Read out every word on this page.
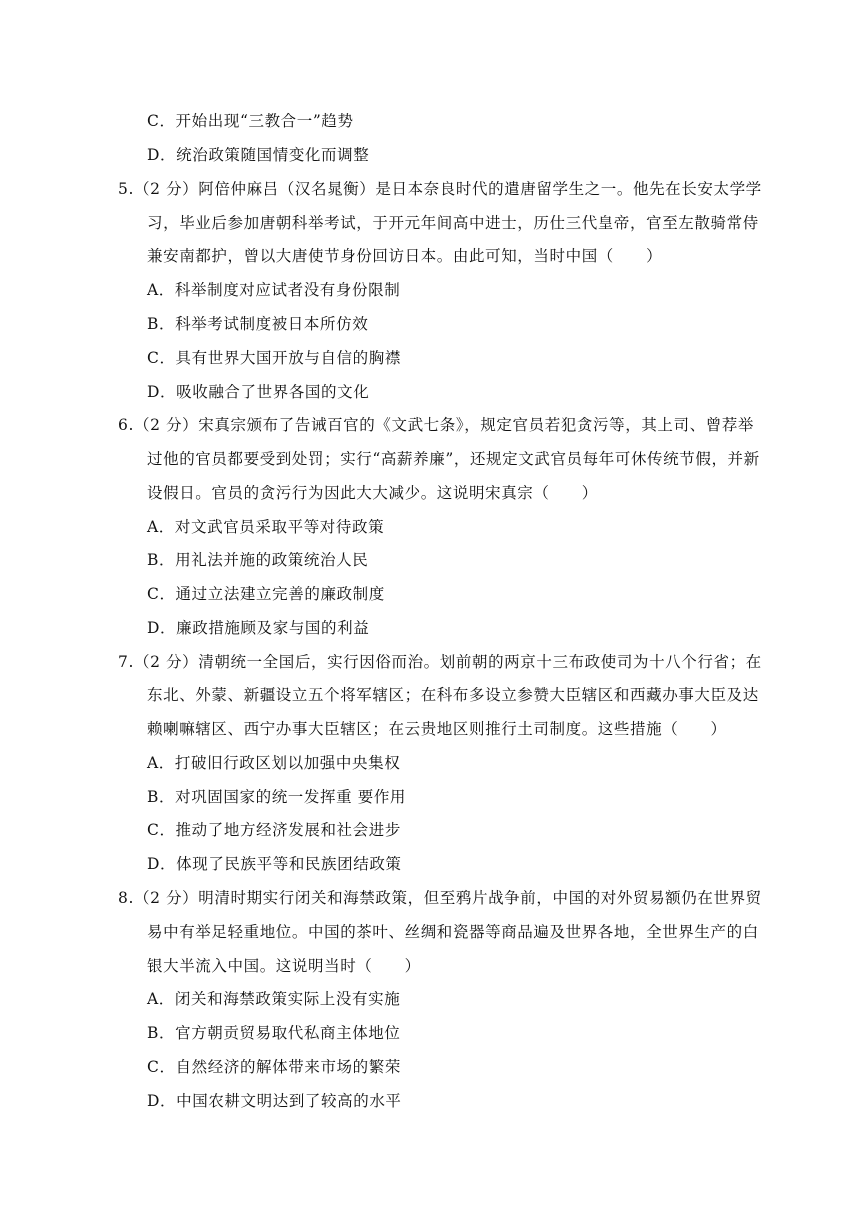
C．开始出现“三教合一”趋势
D．统治政策随国情变化而调整
5.（2 分）阿倍仲麻吕（汉名晁衡）是日本奈良时代的遣唐留学生之一。他先在长安太学学
习，毕业后参加唐朝科举考试，于开元年间高中进士，历仕三代皇帝，官至左散骑常侍
兼安南都护，曾以大唐使节身份回访日本。由此可知，当时中国（　　）
A．科举制度对应试者没有身份限制
B．科举考试制度被日本所仿效
C．具有世界大国开放与自信的胸襟
D．吸收融合了世界各国的文化
6.（2 分）宋真宗颁布了告诫百官的《文武七条》，规定官员若犯贪污等，其上司、曾荐举
过他的官员都要受到处罚；实行“高薪养廉”，还规定文武官员每年可休传统节假，并新
设假日。官员的贪污行为因此大大减少。这说明宋真宗（　　）
A．对文武官员采取平等对待政策
B．用礼法并施的政策统治人民
C．通过立法建立完善的廉政制度
D．廉政措施顾及家与国的利益
7.（2 分）清朝统一全国后，实行因俗而治。划前朝的两京十三布政使司为十八个行省；在
东北、外蒙、新疆设立五个将军辖区；在科布多设立参赞大臣辖区和西藏办事大臣及达
赖喇嘛辖区、西宁办事大臣辖区；在云贵地区则推行土司制度。这些措施（　　）
A．打破旧行政区划以加强中央集权
B．对巩固国家的统一发挥重 要作用
C．推动了地方经济发展和社会进步
D．体现了民族平等和民族团结政策
8.（2 分）明清时期实行闭关和海禁政策，但至鸦片战争前，中国的对外贸易额仍在世界贸
易中有举足轻重地位。中国的茶叶、丝绸和瓷器等商品遍及世界各地，全世界生产的白
银大半流入中国。这说明当时（　　）
A．闭关和海禁政策实际上没有实施
B．官方朝贡贸易取代私商主体地位
C．自然经济的解体带来市场的繁荣
D．中国农耕文明达到了较高的水平
